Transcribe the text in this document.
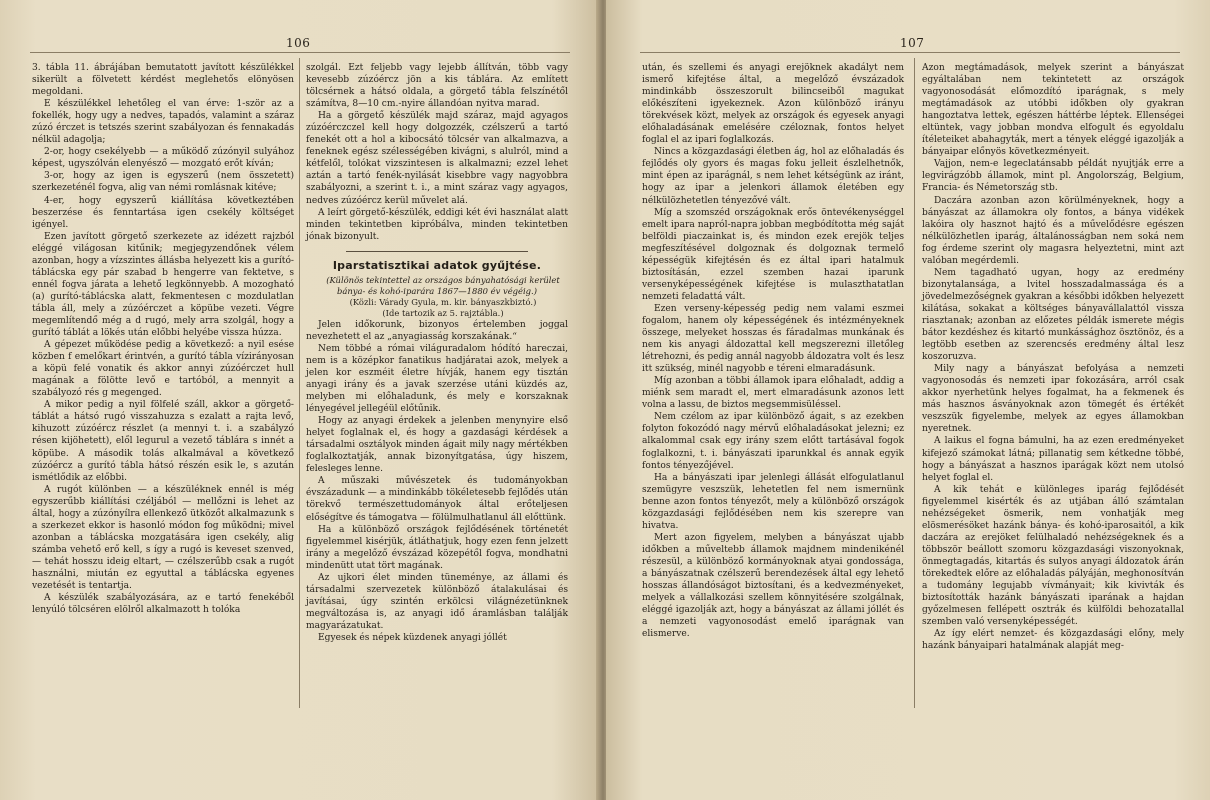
106

3. tábla 11. ábrájában bemutatott javított készülékkel sikerült a fölvetett kérdést meglehetős elönyösen megoldani.

E készülékkel lehetőleg el van érve: 1-ször az a fokellék, hogy ugy a nedves, tapadós, valamint a száraz zúzó érczet is tetszés szerint szabályozan és fennakadás nélkül adagolja;

2-or, hogy csekélyebb — a működő zúzónyil sulyához képest, ugyszólván elenyésző — mozgató erőt kíván;

3-or, hogy az igen is egyszerű (nem összetett) szerkezeténél fogva, alig van némi romlásnak kitéve;

4-er, hogy egyszerű kiállítása következtében beszerzése és fenntartása igen csekély költséget igényel.

Ezen javított görgető szerkezete az idézett rajzból eléggé világosan kitűnik; megjegyzendőnek vélem azonban, hogy a vízszintes állásba helyezett kis a gurító-táblácska egy pár szabad b hengerre van fektetve, s ennél fogva járata a lehető legkönnyebb. A mozogható (a) gurító-táblácska alatt, fekmentesen c mozdulatlan tábla áll, mely a zúzóérczet a köpübe vezeti. Végre megemlítendő még a d rugó, mely arra szolgál, hogy a gurító táblát a lökés után előbbi helyébe vissza húzza.

A gépezet működése pedig a következő: a nyil esése közben f emelőkart érintvén, a gurító tábla vízirányosan a köpü felé vonatik és akkor annyi zúzóérczet hull magának a fölötte levő e tartóból, a mennyit a szabályozó rés g megenged.

A mikor pedig a nyil fölfelé száll, akkor a görgető-táblát a hátsó rugó visszahuzza s ezalatt a rajta levő, kihuzott zúzóércz részlet (a mennyi t. i. a szabályzó résen kijöhetett), elől legurul a vezető táblára s innét a köpübe. A második tolás alkalmával a következő zúzóércz a gurító tábla hátsó részén esik le, s azután ismétlődik az előbbi.

A rugót különben — a készüléknek ennél is még egyszerűbb kiállítási czéljából — mellőzni is lehet az által, hogy a zúzónyílra ellenkező ütközőt alkalmazunk s a szerkezet ekkor is hasonló módon fog működni; mivel azonban a táblácska mozgatására igen csekély, alig számba vehető erő kell, s így a rugó is keveset szenved, — tehát hosszu ideig eltart, — czélszerűbb csak a rugót használni, miután ez egyuttal a táblácska egyenes vezetését is tentartja.

A készülék szabályozására, az e tartó fenekéből lenyúló tölcséren elölről alkalmazott h tolóka

szolgál. Ezt feljebb vagy lejebb állítván, több vagy kevesebb zúzóércz jön a kis táblára. Az említett tölcsérnek a hátsó oldala, a görgető tábla felszínétől számítva, 8—10 cm.-nyire állandóan nyitva marad.

Ha a görgető készülék majd száraz, majd agyagos zúzóérczczel kell hogy dolgozzék, czélszerű a tartó fenekét ott a hol a kibocsátó tölcsér van alkalmazva, a feneknek egész szélességében kivágni, s alulról, mind a kétfelől, tolókat vizszintesen is alkalmazni; ezzel lehet aztán a tartó fenék-nyilását kisebbre vagy nagyobbra szabályozni, a szerint t. i., a mint száraz vagy agyagos, nedves zúzóércz kerül művelet alá.

A leírt görgető-készülék, eddigi két évi használat alatt minden tekintetben kipróbálva, minden tekintetben jónak bizonyult.

Iparstatisztikai adatok gyűjtése.

(Különös tekintettel az országos bányahatósági kerület bánya- és kohó-iparára 1867—1880 év végéig.)

(Közli: Várady Gyula, m. kir. bányaszkbiztó.)

(Ide tartozik az 5. rajztábla.)

Jelen időkorunk, bizonyos értelemben joggal nevezhetett el az „anyagiasság korszakának.“

Nem többé a római világuradalom hódító hareczai, nem is a középkor fanatikus hadjáratai azok, melyek a jelen kor eszméit életre hívják, hanem egy tisztán anyagi irány és a javak szerzése utáni küzdés az, melyben mi előhaladunk, és mely e korszaknak lényegével jellegéül előtűnik.

Hogy az anyagi érdekek a jelenben menynyire első helyet foglalnak el, és hogy a gazdasági kérdések a társadalmi osztályok minden ágait mily nagy mértékben foglalkoztatják, annak bizonyítgatása, úgy hiszem, felesleges lenne.

A műszaki művészetek és tudományokban évszázadunk — a mindinkább tökéletesebb fejlődés után törekvő természettudományok által erőteljesen előségítve és támogatva — fölülmulhatlanul áll előttünk.

Ha a különböző országok fejlődésének történetét figyelemmel kisérjük, átláthatjuk, hogy ezen fenn jelzett irány a megelőző évszázad közepétől fogva, mondhatni mindenütt utat tört magának.

Az ujkori élet minden tüneménye, az állami és társadalmi szervezetek különböző átalakulásai és javításai, úgy szintén erkölcsi világnézetünknek megváltozása is, az anyagi idő áramlásban találják magyarázatukat.

Egyesek és népek küzdenek anyagi jóllét

107

után, és szellemi és anyagi erejöknek akadályt nem ismerő kifejtése által, a megelőző évszázadok mindinkább összeszorult bilincseiből magukat előkészíteni igyekeznek. Azon különböző irányu törekvések közt, melyek az országok és egyesek anyagi előhaladásának emelésére czéloznak, fontos helyet foglal el az ipari foglalkozás.

Nincs a közgazdasági életben ág, hol az előhaladás és fejlődés oly gyors és magas foku jelleit észlelhetnők, mint épen az iparágnál, s nem lehet kétségünk az iránt, hogy az ipar a jelenkori államok életében egy nélkülözhetetlen tényezővé vált.

Míg a szomszéd országoknak erős öntevékenységgel emelt ipara napról-napra jobban megbódította még saját belföldi piaczainkat is, és mindon ezek erejök teljes megfeszítésével dolgoznak és dolgoznak termelő képességük kifejtésén és ez által ipari hatalmuk biztosításán, ezzel szemben hazai iparunk versenyképességének kifejtése is mulaszthatatlan nemzeti feladattá vált.

Ezen verseny-képesség pedig nem valami eszmei fogalom, hanem oly képességének és intézményeknek összege, melyeket hosszas és fáradalmas munkának és nem kis anyagi áldozattal kell megszerezni illetőleg létrehozni, és pedig annál nagyobb áldozatra volt és lesz itt szükség, minél nagyobb e téreni elmaradásunk.

Míg azonban a többi államok ipara előhaladt, addig a miénk sem maradt el, mert elmaradásunk azonos lett volna a lassu, de biztos megsemmisüléssel.

Nem czélom az ipar különböző ágait, s az ezekben folyton fokozódó nagy mérvű előhaladásokat jelezni; ez alkalommal csak egy irány szem előtt tartásával fogok foglalkozni, t. i. bányászati iparunkkal és annak egyik fontos tényezőjével.

Ha a bányászati ipar jelenlegi állását elfogulatlanul szemügyre veszszük, lehetetlen fel nem ismernünk benne azon fontos tényezőt, mely a különböző országok közgazdasági fejlődésében nem kis szerepre van hivatva.

Mert azon figyelem, melyben a bányászat ujabb időkben a műveltebb államok majdnem mindenikénél részesül, a különböző kormányoknak atyai gondossága, a bányászatnak czélszerű berendezések által egy lehető hosszas állandóságot biztosítani, és a kedvezményeket, melyek a vállalkozási szellem könnyitésére szolgálnak, eléggé igazolják azt, hogy a bányászat az állami jóllét és a nemzeti vagyonosodást emelő iparágnak van elismerve.

Azon megtámadások, melyek szerint a bányászat egyáltalában nem tekintetett az országok vagyonosodását előmozdító iparágnak, s mely megtámadások az utóbbi időkben oly gyakran hangoztatva lettek, egészen háttérbe léptek. Ellenségei eltüntek, vagy jobban mondva elfogult és egyoldalu ítéleteiket abahagyták, mert a tények eléggé igazolják a bányaipar előnyös következményeit.

Vajjon, nem-e legeclatánsabb példát nyujtják erre a legvirágzóbb államok, mint pl. Angolország, Belgium, Francia- és Németország stb.

Daczára azonban azon körülményeknek, hogy a bányászat az államokra oly fontos, a bánya vidékek lakóira oly hasznot hajtó és a művelődésre egészen nélkülözhetlen iparág, általánosságban nem soká nem fog érdeme szerint oly magasra helyeztetni, mint azt valóban megérdemli.

Nem tagadható ugyan, hogy az eredmény bizonytalansága, a lvitel hosszadalmassága és a jövedelmezőségnek gyakran a későbbi időkben helyezett kilátása, sokakat a költséges bányavállalattól vissza riasztanak; azonban az előzetes példák ismerete mégis bátor kezdéshez és kitartó munkássághoz ösztönöz, és a legtöbb esetben az szerencsés eredmény által lesz koszoruzva.

Mily nagy a bányászat befolyása a nemzeti vagyonosodás és nemzeti ipar fokozására, arról csak akkor nyerhetünk helyes fogalmat, ha a fekmenek és más hasznos ásványoknak azon tömegét és értékét veszszük figyelembe, melyek az egyes államokban nyeretnek.

A laikus el fogna bámulni, ha az ezen eredményeket kifejező számokat látná; pillanatig sem kétkedne többé, hogy a bányászat a hasznos iparágak közt nem utolsó helyet foglal el.

A kik tehát e különleges iparág fejlődését figyelemmel kisérték és az utjában álló számtalan nehézségeket ösmerik, nem vonhatják meg elösmerésöket hazánk bánya- és kohó-iparosaitól, a kik daczára az erejöket felülhaladó nehézségeknek és a többször beállott szomoru közgazdasági viszonyoknak, önmegtagadás, kitartás és sulyos anyagi áldozatok árán törekedtek előre az előhaladás pályáján, meghonosítván a tudomány legujabb vívmányait; kik kivivták és biztosították hazánk bányászati iparának a hajdan győzelmesen fellépett osztrák és külföldi behozatallal szemben való versenyképességét.

Az így elért nemzet- és közgazdasági előny, mely hazánk bányaipari hatalmának alapját meg-
